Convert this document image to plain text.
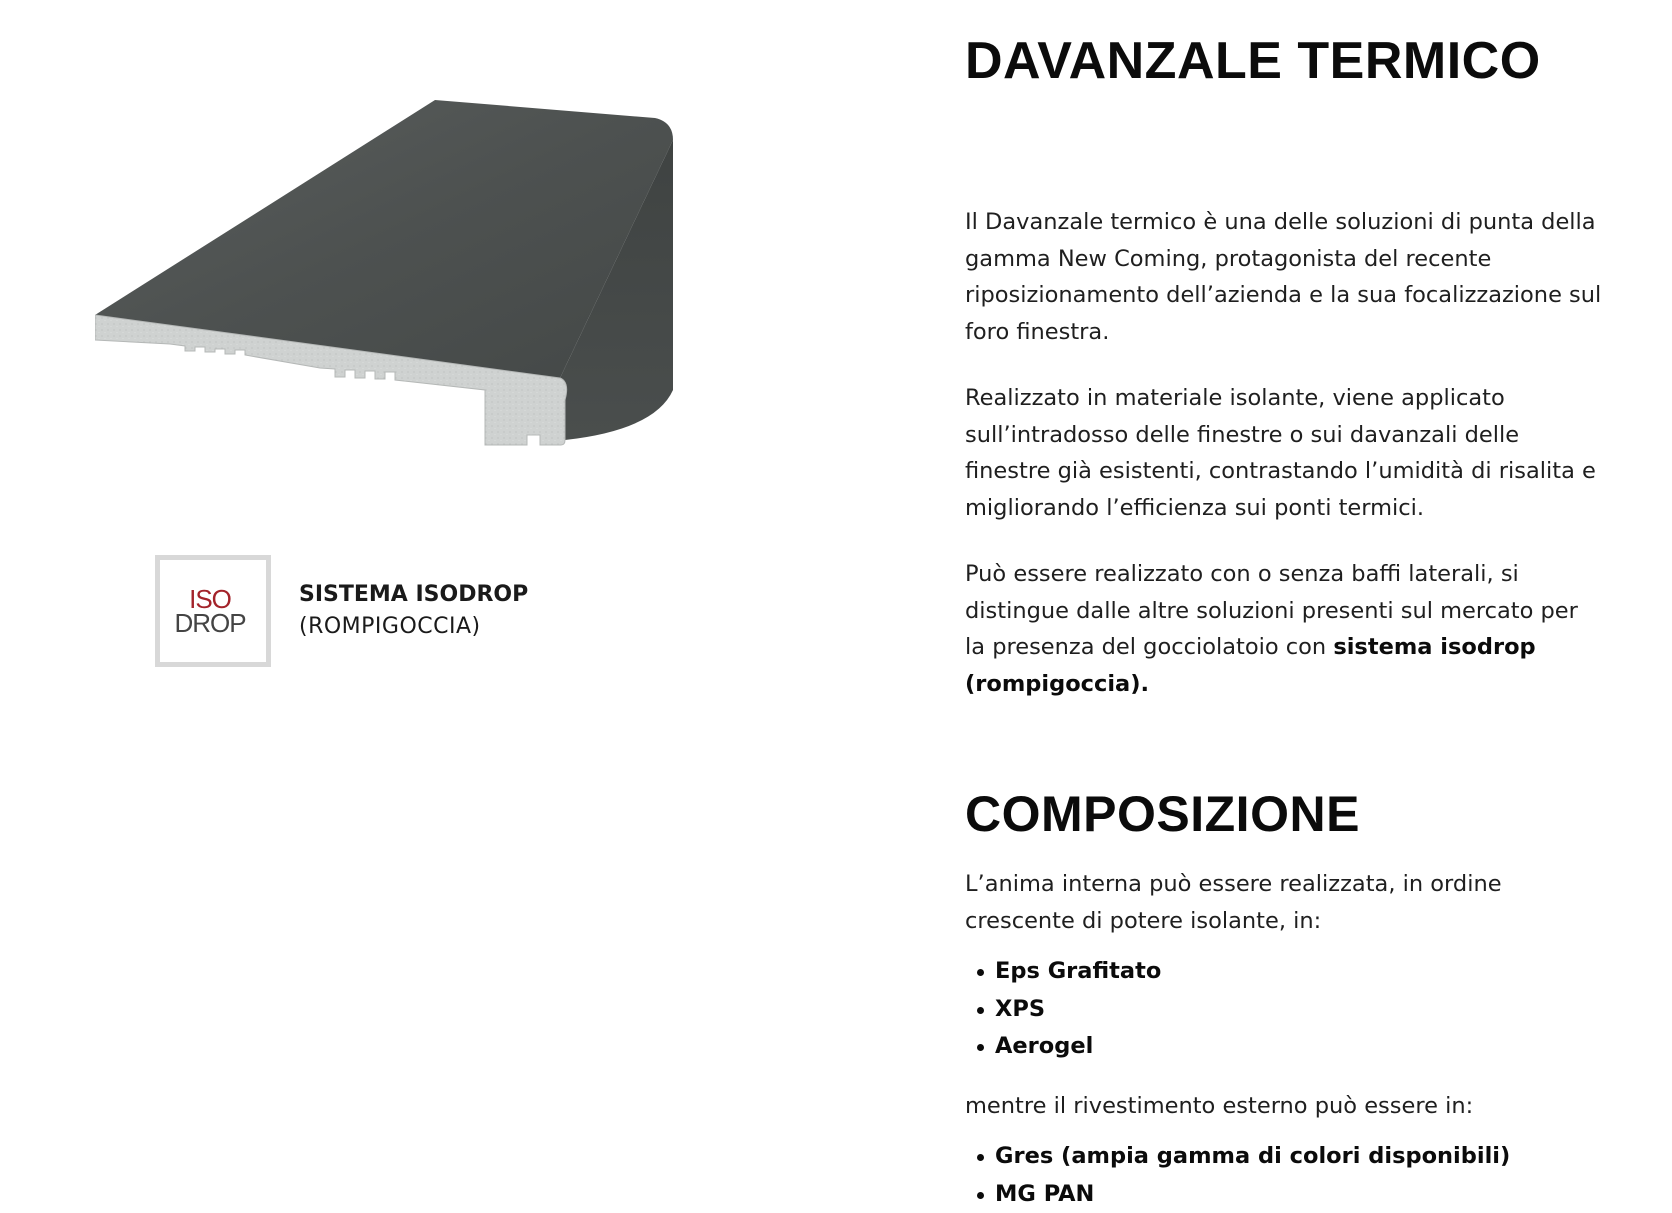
ISO
DROP
SISTEMA ISODROP
(ROMPIGOCCIA)
DAVANZALE TERMICO

Il Davanzale termico è una delle soluzioni di punta della gamma New Coming, protagonista del recente riposizionamento dell’azienda e la sua focalizzazione sul foro finestra.

Realizzato in materiale isolante, viene applicato sull’intradosso delle finestre o sui davanzali delle finestre già esistenti, contrastando l’umidità di risalita e migliorando l’efficienza sui ponti termici.

Può essere realizzato con o senza baffi laterali, si distingue dalle altre soluzioni presenti sul mercato per la presenza del gocciolatoio con sistema isodrop (rompigoccia).

COMPOSIZIONE

L’anima interna può essere realizzata, in ordine crescente di potere isolante, in:

Eps Grafitato
XPS
Aerogel

mentre il rivestimento esterno può essere in:

Gres (ampia gamma di colori disponibili)
MG PAN
